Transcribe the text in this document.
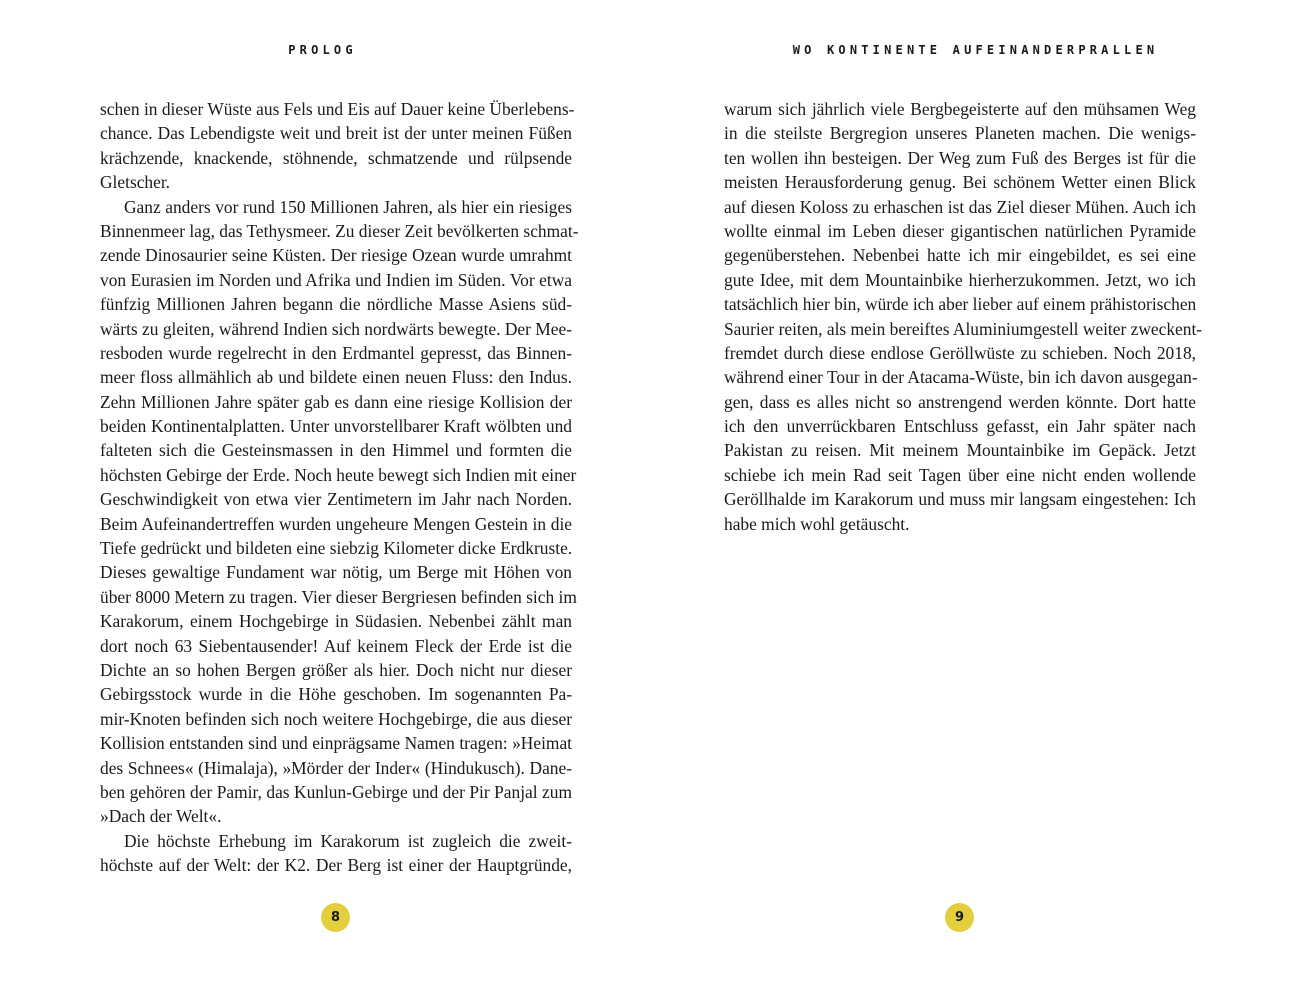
PROLOG
schen in dieser Wüste aus Fels und Eis auf Dauer keine Überlebens-
chance. Das Lebendigste weit und breit ist der unter meinen Füßen
krächzende, knackende, stöhnende, schmatzende und rülpsende
Gletscher.
Ganz anders vor rund 150 Millionen Jahren, als hier ein riesiges
Binnenmeer lag, das Tethysmeer. Zu dieser Zeit bevölkerten schmat-
zende Dinosaurier seine Küsten. Der riesige Ozean wurde umrahmt
von Eurasien im Norden und Afrika und Indien im Süden. Vor etwa
fünfzig Millionen Jahren begann die nördliche Masse Asiens süd-
wärts zu gleiten, während Indien sich nordwärts bewegte. Der Mee-
resboden wurde regelrecht in den Erdmantel gepresst, das Binnen-
meer floss allmählich ab und bildete einen neuen Fluss: den Indus.
Zehn Millionen Jahre später gab es dann eine riesige Kollision der
beiden Kontinentalplatten. Unter unvorstellbarer Kraft wölbten und
falteten sich die Gesteinsmassen in den Himmel und formten die
höchsten Gebirge der Erde. Noch heute bewegt sich Indien mit einer
Geschwindigkeit von etwa vier Zentimetern im Jahr nach Norden.
Beim Aufeinandertreffen wurden ungeheure Mengen Gestein in die
Tiefe gedrückt und bildeten eine siebzig Kilometer dicke Erdkruste.
Dieses gewaltige Fundament war nötig, um Berge mit Höhen von
über 8000 Metern zu tragen. Vier dieser Bergriesen befinden sich im
Karakorum, einem Hochgebirge in Südasien. Nebenbei zählt man
dort noch 63 Siebentausender! Auf keinem Fleck der Erde ist die
Dichte an so hohen Bergen größer als hier. Doch nicht nur dieser
Gebirgsstock wurde in die Höhe geschoben. Im sogenannten Pa-
mir-Knoten befinden sich noch weitere Hochgebirge, die aus dieser
Kollision entstanden sind und einprägsame Namen tragen: »Heimat
des Schnees« (Himalaja), »Mörder der Inder« (Hindukusch). Dane-
ben gehören der Pamir, das Kunlun-Gebirge und der Pir Panjal zum
»Dach der Welt«.
Die höchste Erhebung im Karakorum ist zugleich die zweit-
höchste auf der Welt: der K2. Der Berg ist einer der Hauptgründe,
8
WO KONTINENTE AUFEINANDERPRALLEN
warum sich jährlich viele Bergbegeisterte auf den mühsamen Weg
in die steilste Bergregion unseres Planeten machen. Die wenigs-
ten wollen ihn besteigen. Der Weg zum Fuß des Berges ist für die
meisten Herausforderung genug. Bei schönem Wetter einen Blick
auf diesen Koloss zu erhaschen ist das Ziel dieser Mühen. Auch ich
wollte einmal im Leben dieser gigantischen natürlichen Pyramide
gegenüberstehen. Nebenbei hatte ich mir eingebildet, es sei eine
gute Idee, mit dem Mountainbike hierherzukommen. Jetzt, wo ich
tatsächlich hier bin, würde ich aber lieber auf einem prähistorischen
Saurier reiten, als mein bereiftes Aluminiumgestell weiter zweckent-
fremdet durch diese endlose Geröllwüste zu schieben. Noch 2018,
während einer Tour in der Atacama-Wüste, bin ich davon ausgegan-
gen, dass es alles nicht so anstrengend werden könnte. Dort hatte
ich den unverrückbaren Entschluss gefasst, ein Jahr später nach
Pakistan zu reisen. Mit meinem Mountainbike im Gepäck. Jetzt
schiebe ich mein Rad seit Tagen über eine nicht enden wollende
Geröllhalde im Karakorum und muss mir langsam eingestehen: Ich
habe mich wohl getäuscht.
9
